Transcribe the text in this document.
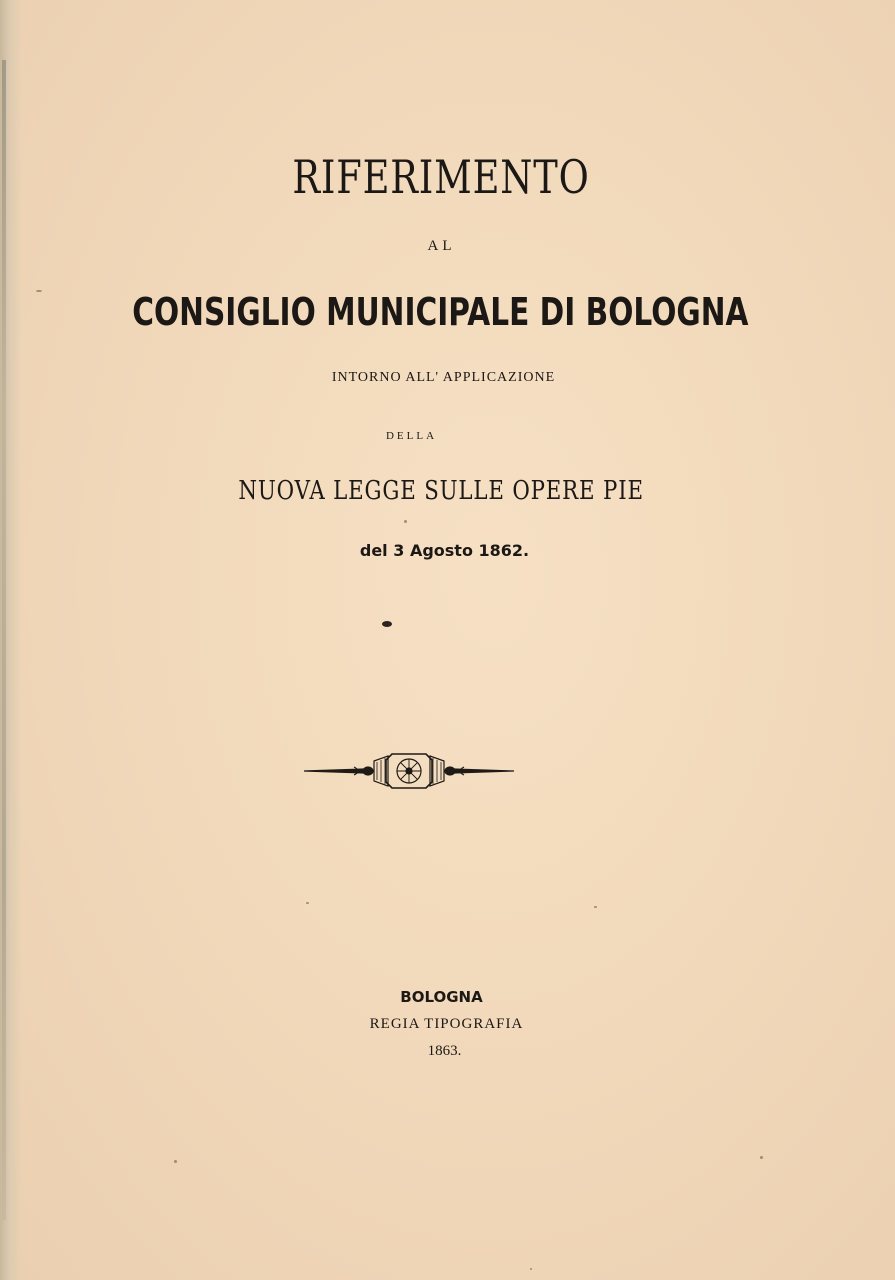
RIFERIMENTO
AL
CONSIGLIO MUNICIPALE DI BOLOGNA
INTORNO ALL' APPLICAZIONE
DELLA
NUOVA LEGGE SULLE OPERE PIE
del 3 Agosto 1862.
BOLOGNA
REGIA TIPOGRAFIA
1863.
